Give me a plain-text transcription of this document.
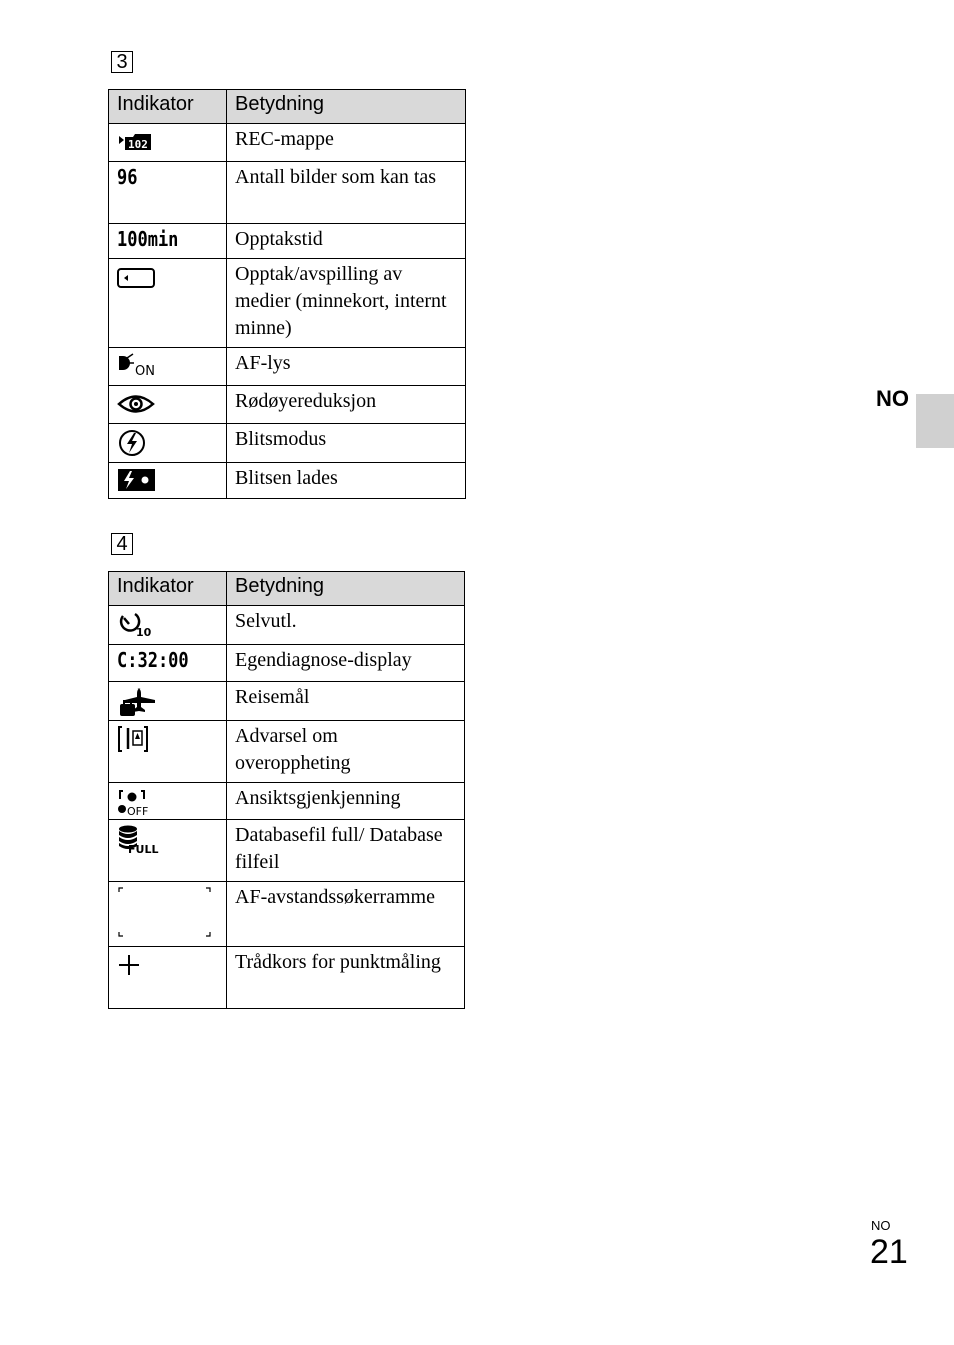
3
Indikator	Betydning

102	REC-mappe
96	Antall bilder som kan tas
100min	Opptakstid

	Opptak/avspilling av medier (minnekort, internt minne)

ON	AF-lys

	Rødøyereduksjon

	Blitsmodus

	Blitsen lades
4
Indikator	Betydning

10	Selvutl.
C:32:00	Egendiagnose-display

	Reisemål

	Advarsel om overoppheting

OFF	Ansiktsgjenkjenning

FULL	Databasefil full/ Database filfeil

	AF-avstandssøkerramme

	Trådkors for punktmåling
NO
NO
21
